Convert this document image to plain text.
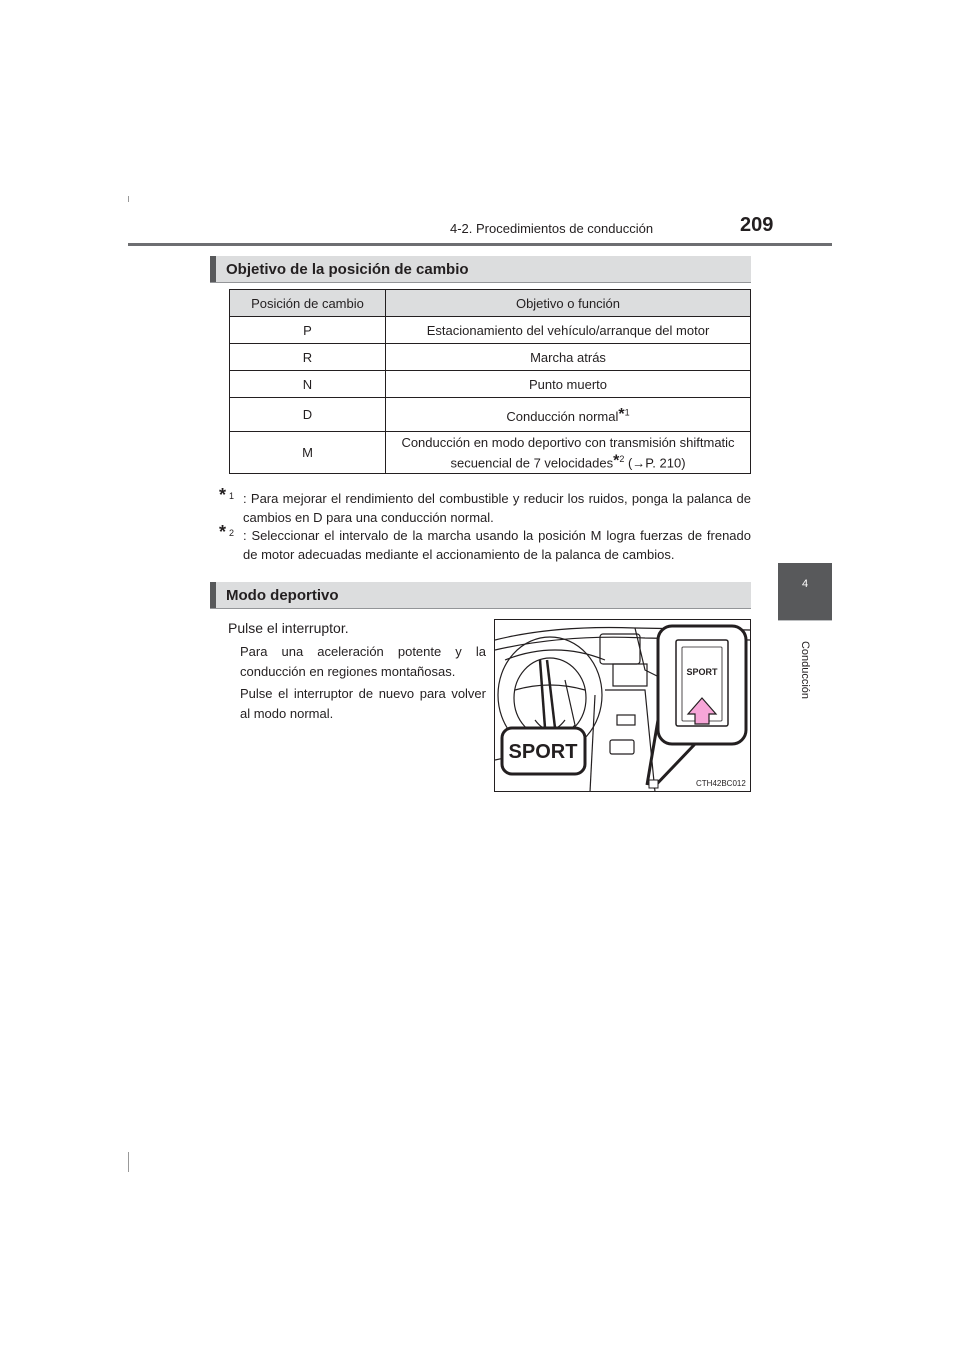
4-2. Procedimientos de conducción	209
4
Conducción
Objetivo de la posición de cambio
Posición de cambio	Objetivo o función
P	Estacionamiento del vehículo/arranque del motor
R	Marcha atrás
N	Punto muerto
D	Conducción normal*$^1$
M	Conducción en modo deportivo con transmisión shiftmatic
secuencial de 7 velocidades*$^2$ (→P. 210)
* 1 : Para mejorar el rendimiento del combustible y reducir los ruidos, ponga la palanca de cambios en D para una conducción normal.
* 2 : Seleccionar el intervalo de la marcha usando la posición M logra fuerzas de frenado de motor adecuadas mediante el accionamiento de la palanca de cambios.
Modo deportivo
Pulse el interruptor.
Para una aceleración potente y la conducción en regiones montañosas.
Pulse el interruptor de nuevo para volver al modo normal.
SPORT
SPORT
CTH42BC012
